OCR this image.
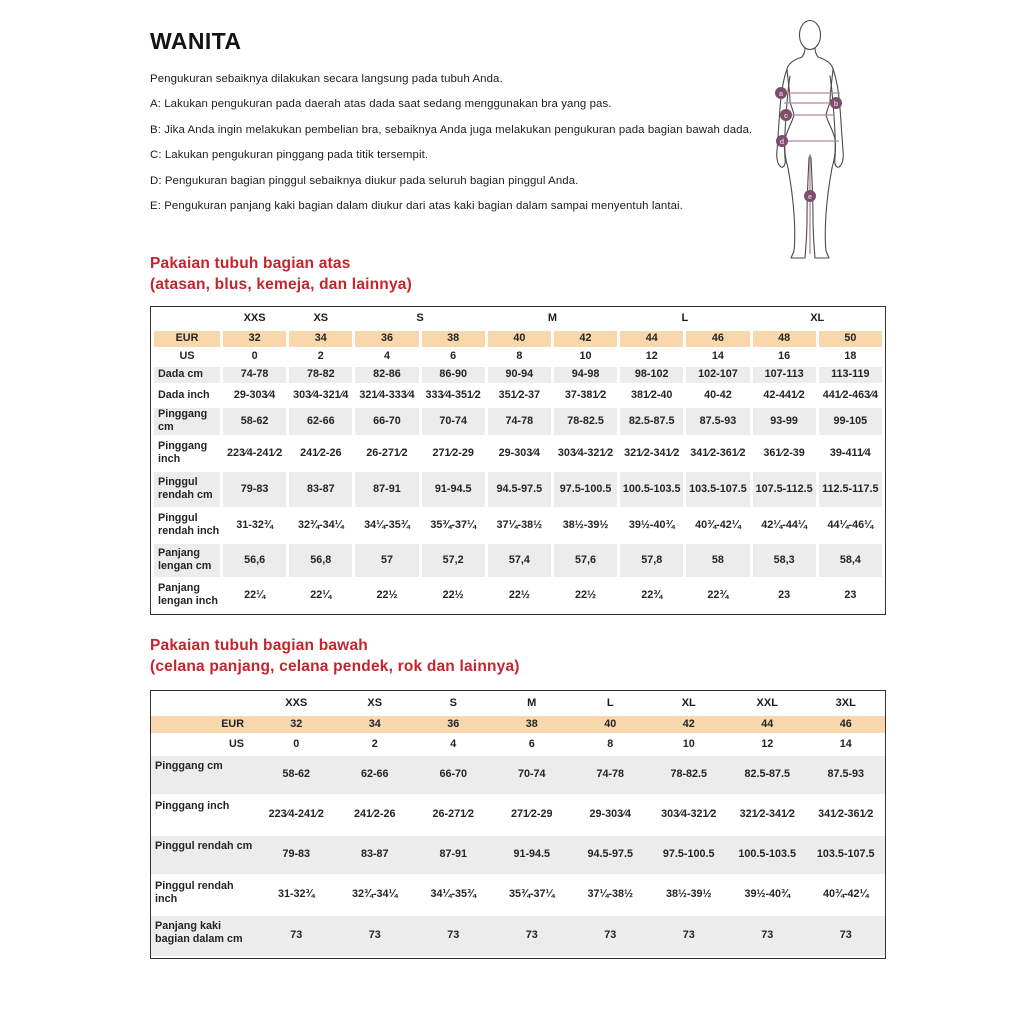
WANITA

Pengukuran sebaiknya dilakukan secara langsung pada tubuh Anda.

A: Lakukan pengukuran pada daerah atas dada saat sedang menggunakan bra yang pas.

B: Jika Anda ingin melakukan pembelian bra, sebaiknya Anda juga melakukan pengukuran pada bagian bawah dada.

C: Lakukan pengukuran pinggang pada titik tersempit.

D: Pengukuran bagian pinggul sebaiknya diukur pada seluruh bagian pinggul Anda.

E: Pengukuran panjang kaki bagian dalam diukur dari atas kaki bagian dalam sampai menyentuh lantai.

a
b
c
d
e

Pakaian tubuh bagian atas

(atasan, blus, kemeja, dan lainnya)

	XXS	XS	S		M		L		XL	
EUR	32	34	36	38	40	42	44	46	48	50
US	0	2	4	6	8	10	12	14	16	18
Dada cm	74-78	78-82	82-86	86-90	90-94	94-98	98-102	102-107	107-113	113-119
Dada inch	29-303⁄4	303⁄4-321⁄4	321⁄4-333⁄4	333⁄4-351⁄2	351⁄2-37	37-381⁄2	381⁄2-40	40-42	42-441⁄2	441⁄2-463⁄4
Pinggang cm	58-62	62-66	66-70	70-74	74-78	78-82.5	82.5-87.5	87.5-93	93-99	99-105
Pinggang inch	223⁄4-241⁄2	241⁄2-26	26-271⁄2	271⁄2-29	29-303⁄4	303⁄4-321⁄2	321⁄2-341⁄2	341⁄2-361⁄2	361⁄2-39	39-411⁄4
Pinggul rendah cm	79-83	83-87	87-91	91-94.5	94.5-97.5	97.5-100.5	100.5-103.5	103.5-107.5	107.5-112.5	112.5-117.5
Pinggul rendah inch	31-32¾	32¾-34¼	34¼-35¾	35¾-37¼	37¼-38½	38½-39½	39½-40¾	40¾-42¼	42¼-44¼	44¼-46¼
Panjang lengan cm	56,6	56,8	57	57,2	57,4	57,6	57,8	58	58,3	58,4
Panjang lengan inch	22¼	22¼	22½	22½	22½	22½	22¾	22¾	23	23

Pakaian tubuh bagian bawah

(celana panjang, celana pendek, rok dan lainnya)

	XXS	XS	S	M	L	XL	XXL	3XL
EUR	32	34	36	38	40	42	44	46
US	0	2	4	6	8	10	12	14
Pinggang cm	58-62	62-66	66-70	70-74	74-78	78-82.5	82.5-87.5	87.5-93
Pinggang inch	223⁄4-241⁄2	241⁄2-26	26-271⁄2	271⁄2-29	29-303⁄4	303⁄4-321⁄2	321⁄2-341⁄2	341⁄2-361⁄2
Pinggul rendah cm	79-83	83-87	87-91	91-94.5	94.5-97.5	97.5-100.5	100.5-103.5	103.5-107.5
Pinggul rendah inch	31-32¾	32¾-34¼	34¼-35¾	35¾-37¼	37¼-38½	38½-39½	39½-40¾	40¾-42¼
Panjang kaki bagian dalam cm	73	73	73	73	73	73	73	73
